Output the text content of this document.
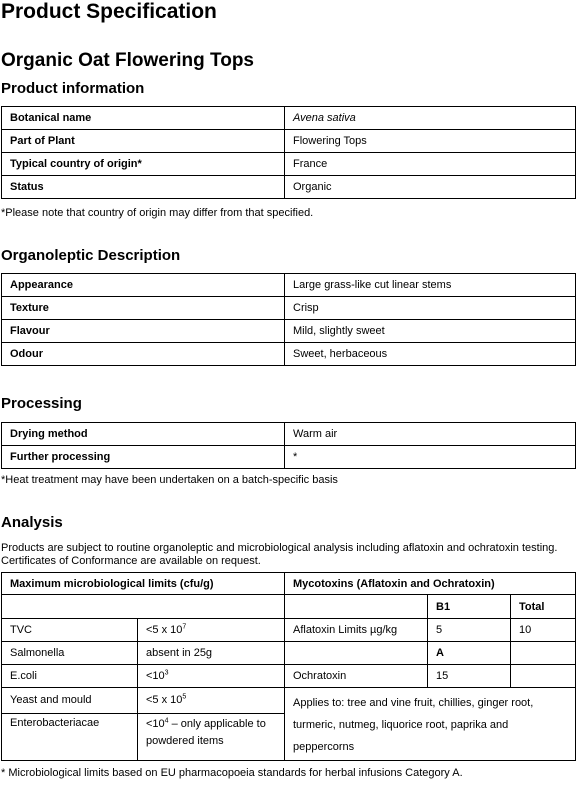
Product Specification
Organic Oat Flowering Tops
Product information
Botanical name	Avena sativa
Part of Plant	Flowering Tops
Typical country of origin*	France
Status	Organic

*Please note that country of origin may differ from that specified.

Organoleptic Description
Appearance	Large grass-like cut linear stems
Texture	Crisp
Flavour	Mild, slightly sweet
Odour	Sweet, herbaceous
Processing
Drying method	Warm air
Further processing	*

*Heat treatment may have been undertaken on a batch-specific basis

Analysis

Products are subject to routine organoleptic and microbiological analysis including aflatoxin and ochratoxin testing. Certificates of Conformance are available on request.

Maximum microbiological limits (cfu/g)		Mycotoxins (Aflatoxin and Ochratoxin)		
			B1	Total
TVC	<5 x $10^7$	Aflatoxin Limits µg/kg	5	10
Salmonella	absent in 25g		A	
E.coli	$<10^3$	Ochratoxin	15	
Yeast and mould	<5 x $10^5$	Applies to: tree and vine fruit, chillies, ginger root, turmeric, nutmeg, liquorice root, paprika and peppercorns		
Enterobacteriacae	$<10^4$ – only applicable to powdered items			

* Microbiological limits based on EU pharmacopoeia standards for herbal infusions Category A.
